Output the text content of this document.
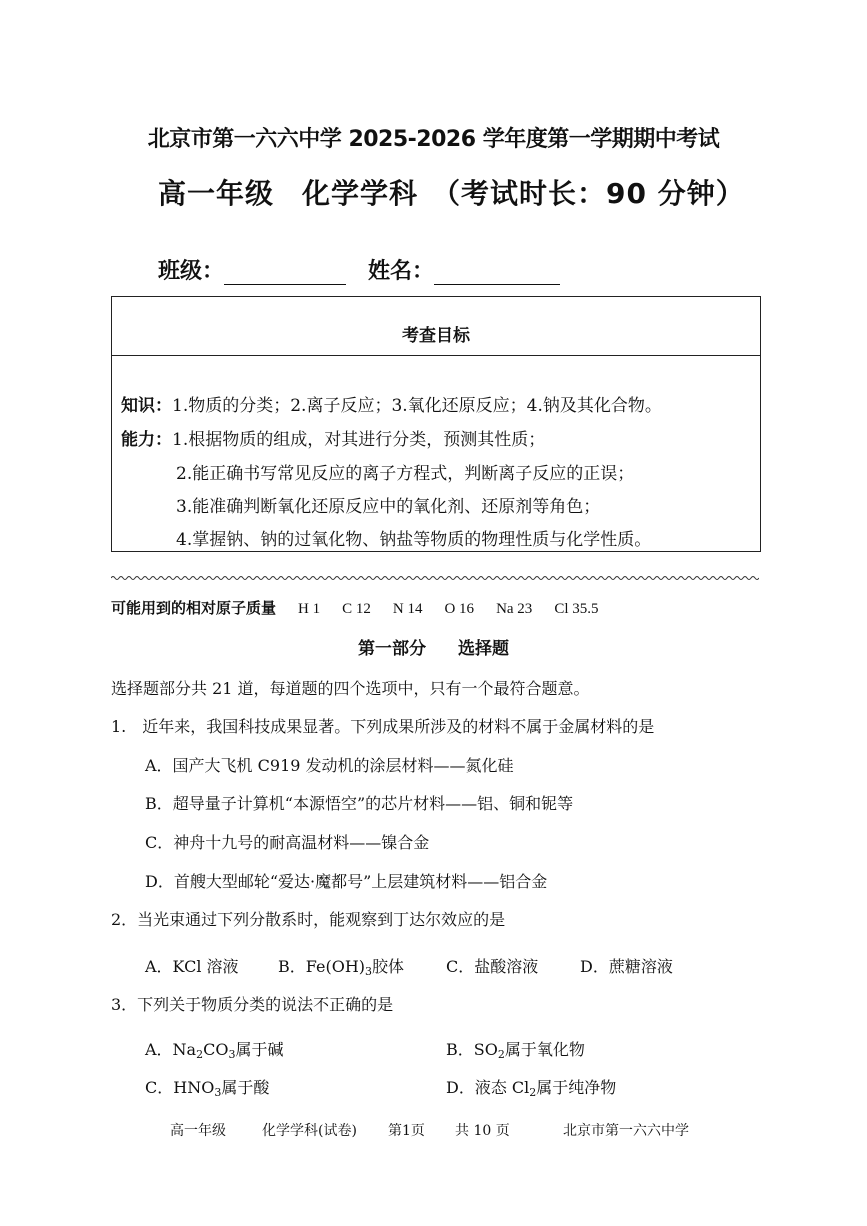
北京市第一六六中学 2025-2026 学年度第一学期期中考试
高一年级 化学学科 （考试时长：90 分钟）
班级：	姓名：
考查目标
知识：1.物质的分类；2.离子反应；3.氧化还原反应；4.钠及其化合物。
能力：1.根据物质的组成，对其进行分类，预测其性质；
2.能正确书写常见反应的离子方程式，判断离子反应的正误；
3.能准确判断氧化还原反应中的氧化剂、还原剂等角色；
4.掌握钠、钠的过氧化物、钠盐等物质的物理性质与化学性质。
可能用到的相对原子质量 H 1 C 12 N 14 O 16 Na 23 Cl 35.5
第一部分 选择题
选择题部分共 21 道，每道题的四个选项中，只有一个最符合题意。
1.　近年来，我国科技成果显著。下列成果所涉及的材料不属于金属材料的是
A．国产大飞机 C919 发动机的涂层材料——氮化硅
B．超导量子计算机“本源悟空”的芯片材料——铝、铜和铌等
C．神舟十九号的耐高温材料——镍合金
D．首艘大型邮轮“爱达·魔都号”上层建筑材料——铝合金
2．当光束通过下列分散系时，能观察到丁达尔效应的是
A．KCl 溶液 B．$Fe(OH)_3$胶体	C．盐酸溶液	D．蔗糖溶液
3．下列关于物质分类的说法不正确的是
A．$Na_2CO_3$属于碱	B．$SO_2$属于氧化物
C．$HNO_3$属于酸	D．液态 $Cl_2$属于纯净物
高一年级	化学学科(试卷) 第1页 共 10 页	北京市第一六六中学
